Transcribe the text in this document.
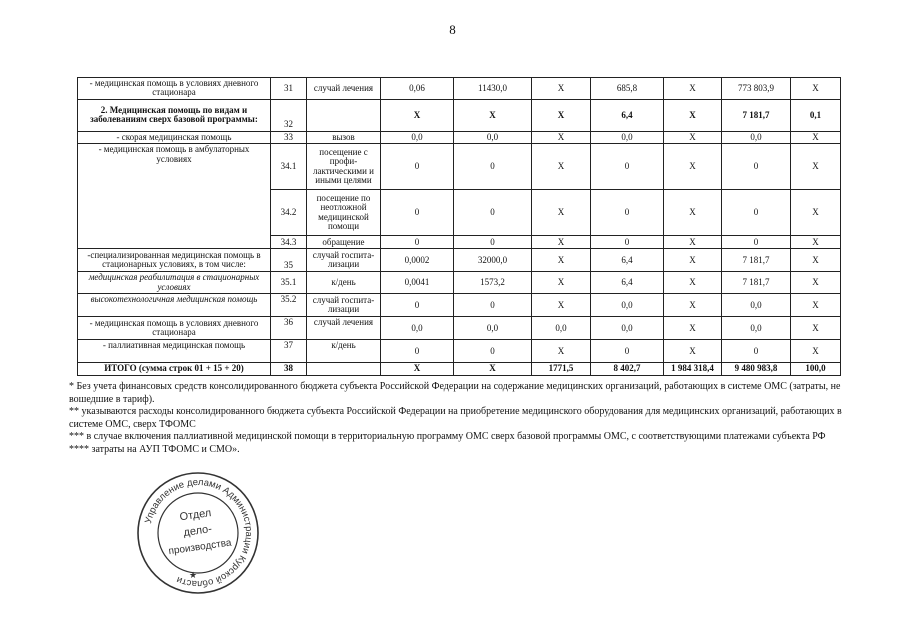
8
- медицинская помощь в условиях дневного стационара	31	случай лечения	0,06	11430,0	Х	685,8	Х	773 803,9	Х
2. Медицинская помощь по видам и заболеваниям сверх базовой программы:	32		Х	Х	Х	6,4	Х	7 181,7	0,1
- скорая медицинская помощь	33	вызов	0,0	0,0	Х	0,0	Х	0,0	Х
- медицинская помощь в амбулаторных условиях	34.1	посещение с профи-лактическими и иными целями	0	0	Х	0	Х	0	Х
	34.2	посещение по неотложной медицинской помощи	0	0	Х	0	Х	0	Х
	34.3	обращение	0	0	Х	0	Х	0	Х
-специализированная медицинская помощь в стационарных условиях, в том числе:	35	случай госпита-лизации	0,0002	32000,0	Х	6,4	Х	7 181,7	Х
медицинская реабилитация в стационарных условиях	35.1	к/день	0,0041	1573,2	Х	6,4	Х	7 181,7	Х
высокотехнологичная медицинская помощь	35.2	случай госпита-лизации	0	0	Х	0,0	Х	0,0	Х
- медицинская помощь в условиях дневного стационара	36	случай лечения	0,0	0,0	0,0	0,0	Х	0,0	Х
- паллиативная медицинская помощь	37	к/день	0	0	Х	0	Х	0	Х
ИТОГО (сумма строк 01 + 15 + 20)	38		Х	Х	1771,5	8 402,7	1 984 318,4	9 480 983,8	100,0

* Без учета финансовых средств консолидированного бюджета субъекта Российской Федерации на содержание медицинских организаций, работающих в системе ОМС (затраты, не вошедшие в тариф).

** указываются расходы консолидированного бюджета субъекта Российской Федерации на приобретение медицинского оборудования для медицинских организаций, работающих в системе ОМС, сверх ТФОМС

*** в случае включения паллиативной медицинской помощи в территориальную программу ОМС сверх базовой программы ОМС, с соответствующими платежами субъекта РФ

**** затраты на АУП ТФОМС и СМО».

Управление делами Администрации Курской области
Отдел
дело-
производства
★
